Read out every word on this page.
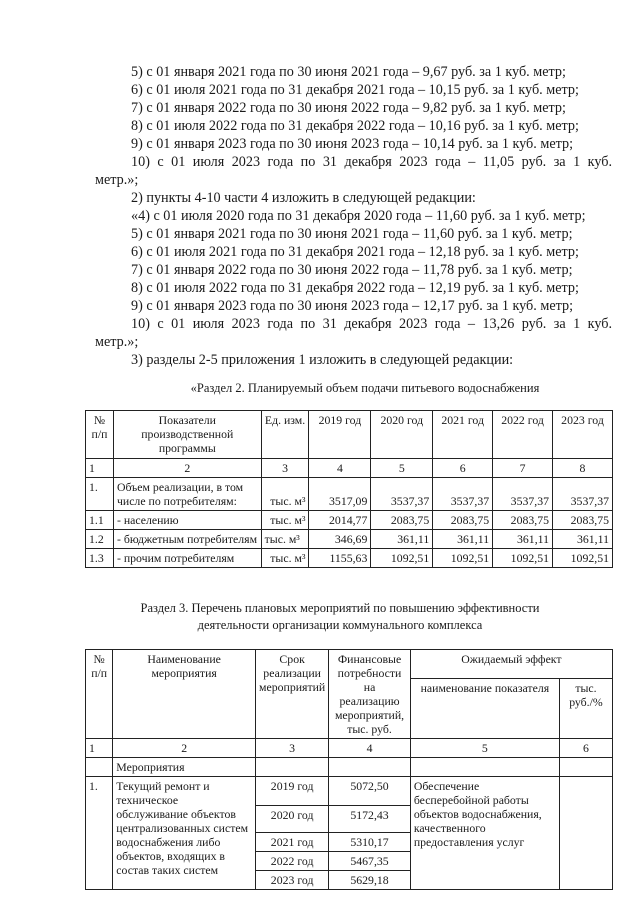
5) с 01 января 2021 года по 30 июня 2021 года – 9,67 руб. за 1 куб. метр;
6) с 01 июля 2021 года по 31 декабря 2021 года – 10,15 руб. за 1 куб. метр;
7) с 01 января 2022 года по 30 июня 2022 года – 9,82 руб. за 1 куб. метр;
8) с 01 июля 2022 года по 31 декабря 2022 года – 10,16 руб. за 1 куб. метр;
9) с 01 января 2023 года по 30 июня 2023 года – 10,14 руб. за 1 куб. метр;
10) с 01 июля 2023 года по 31 декабря 2023 года – 11,05 руб. за 1 куб.
метр.»;
2) пункты 4-10 части 4 изложить в следующей редакции:
«4) с 01 июля 2020 года по 31 декабря 2020 года – 11,60 руб. за 1 куб. метр;
5) с 01 января 2021 года по 30 июня 2021 года – 11,60 руб. за 1 куб. метр;
6) с 01 июля 2021 года по 31 декабря 2021 года – 12,18 руб. за 1 куб. метр;
7) с 01 января 2022 года по 30 июня 2022 года – 11,78 руб. за 1 куб. метр;
8) с 01 июля 2022 года по 31 декабря 2022 года – 12,19 руб. за 1 куб. метр;
9) с 01 января 2023 года по 30 июня 2023 года – 12,17 руб. за 1 куб. метр;
10) с 01 июля 2023 года по 31 декабря 2023 года – 13,26 руб. за 1 куб.
метр.»;
3) разделы 2-5 приложения 1 изложить в следующей редакции:
«Раздел 2. Планируемый объем подачи питьевого водоснабжения
№ п/п	Показатели производственной программы	Ед. изм.	2019 год	2020 год	2021 год	2022 год	2023 год
1	2	3	4	5	6	7	8
1.	Объем реализации, в том числе по потребителям:	тыс. м³	3517,09	3537,37	3537,37	3537,37	3537,37
1.1	- населению	тыс. м³	2014,77	2083,75	2083,75	2083,75	2083,75
1.2	- бюджетным потребителям	тыс. м³	346,69	361,11	361,11	361,11	361,11
1.3	- прочим потребителям	тыс. м³	1155,63	1092,51	1092,51	1092,51	1092,51
Раздел 3. Перечень плановых мероприятий по повышению эффективности
деятельности организации коммунального комплекса
№ п/п	Наименование мероприятия	Срок реализации мероприятий	Финансовые потребности на реализацию мероприятий, тыс. руб.	Ожидаемый эффект	
				наименование показателя	тыс. руб./%
1	2	3	4	5	6
	Мероприятия				
1.	Текущий ремонт и техническое обслуживание объектов централизованных систем водоснабжения либо объектов, входящих в состав таких систем	2019 год	5072,50	Обеспечение бесперебойной работы объектов водоснабжения, качественного предоставления услуг	
		2020 год	5172,43		
		2021 год	5310,17		
		2022 год	5467,35		
		2023 год	5629,18		
